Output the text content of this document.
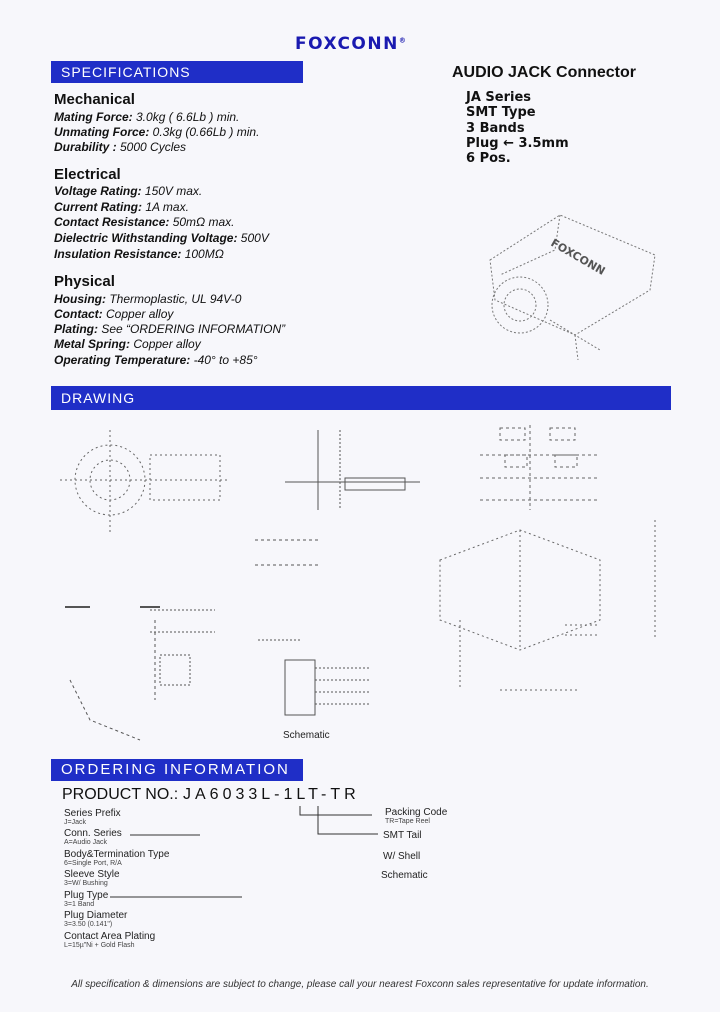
FOXCONN®
SPECIFICATIONS
DRAWING
ORDERING INFORMATION
AUDIO JACK Connector
JA Series
SMT Type
3 Bands
Plug ← 3.5mm
6 Pos.
Mechanical
Mating Force: 3.0kg ( 6.6Lb ) min.
Unmating Force: 0.3kg (0.66Lb ) min.
Durability : 5000 Cycles
Electrical
Voltage Rating: 150V max.
Current Rating: 1A max.
Contact Resistance: 50mΩ max.
Dielectric Withstanding Voltage: 500V
Insulation Resistance: 100MΩ
Physical
Housing: Thermoplastic, UL 94V-0
Contact: Copper alloy
Plating: See “ORDERING INFORMATION”
Metal Spring: Copper alloy
Operating Temperature: -40° to +85°
FOXCONN
Schematic
PRODUCT NO.: JA6033L-1LT-TR
Series Prefix
J=Jack
Conn. Series
A=Audio Jack
Body&Termination Type
6=Single Port, R/A
Sleeve Style
3=W/ Bushing
Plug Type
3=1 Band
Plug Diameter
3=3.50 (0.141")
Contact Area Plating
L=15µ”Ni + Gold Flash
Packing Code
TR=Tape Reel
SMT Tail
W/ Shell
Schematic
All specification & dimensions are subject to change, please call your nearest Foxconn sales representative for update information.
